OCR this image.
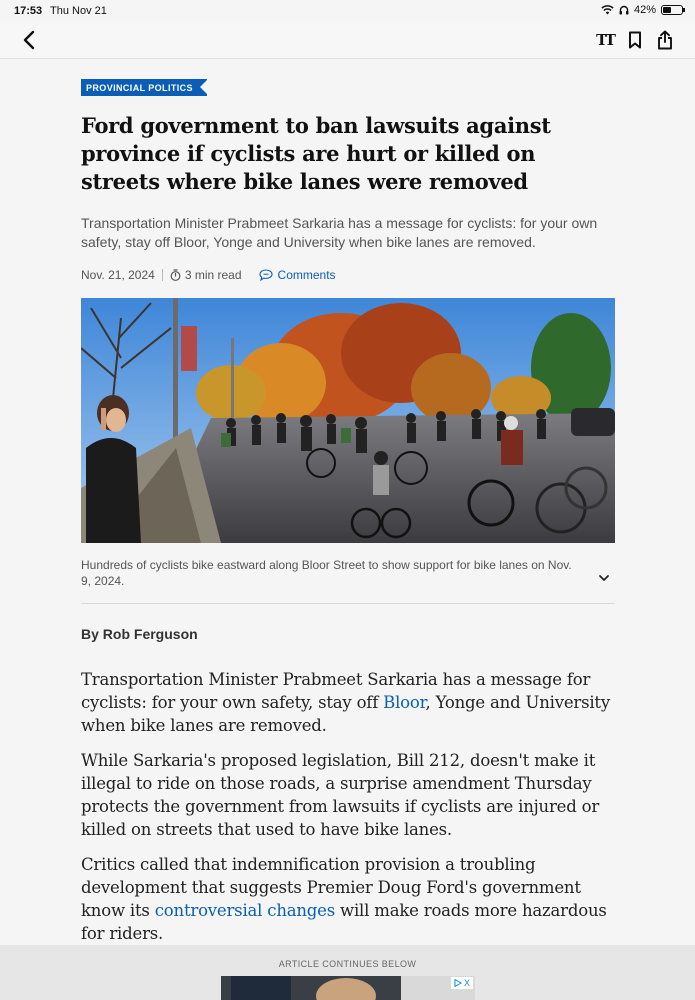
17:53 Thu Nov 21	42%
TT
PROVINCIAL POLITICS
Ford government to ban lawsuits against province if cyclists are hurt or killed on streets where bike lanes were removed

Transportation Minister Prabmeet Sarkaria has a message for cyclists: for your own safety, stay off Bloor, Yonge and University when bike lanes are removed.

Nov. 21, 2024	3 min read	Comments
Hundreds of cyclists bike eastward along Bloor Street to show support for bike lanes on Nov. 9, 2024.
By Rob Ferguson

Transportation Minister Prabmeet Sarkaria has a message for cyclists: for your own safety, stay off Bloor, Yonge and University when bike lanes are removed.

While Sarkaria's proposed legislation, Bill 212, doesn't make it illegal to ride on those roads, a surprise amendment Thursday protects the government from lawsuits if cyclists are injured or killed on streets that used to have bike lanes.

Critics called that indemnification provision a troubling development that suggests Premier Doug Ford's government know its controversial changes will make roads more hazardous for riders.

ARTICLE CONTINUES BELOW
X
